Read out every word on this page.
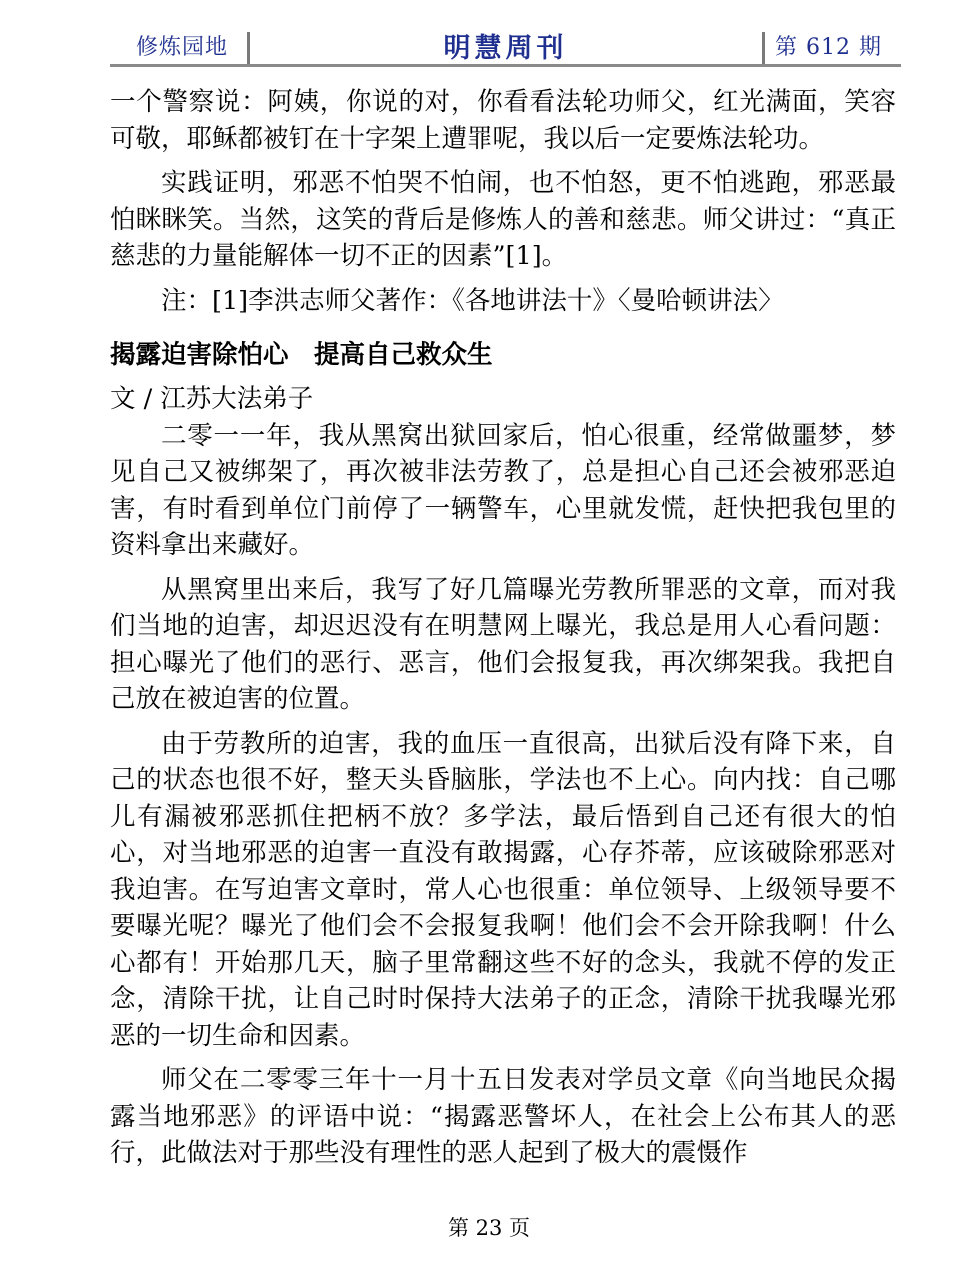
修炼园地	明慧周刊	第 612 期

一个警察说：阿姨，你说的对，你看看法轮功师父，红光满面，笑容可敬，耶稣都被钉在十字架上遭罪呢，我以后一定要炼法轮功。

实践证明，邪恶不怕哭不怕闹，也不怕怒，更不怕逃跑，邪恶最怕眯眯笑。当然，这笑的背后是修炼人的善和慈悲。师父讲过：“真正慈悲的力量能解体一切不正的因素”[1]。

注：[1]李洪志师父著作：《各地讲法十》〈曼哈顿讲法〉

揭露迫害除怕心　提高自己救众生

文 / 江苏大法弟子

二零一一年，我从黑窝出狱回家后，怕心很重，经常做噩梦，梦见自己又被绑架了，再次被非法劳教了，总是担心自己还会被邪恶迫害，有时看到单位门前停了一辆警车，心里就发慌，赶快把我包里的资料拿出来藏好。

从黑窝里出来后，我写了好几篇曝光劳教所罪恶的文章，而对我们当地的迫害，却迟迟没有在明慧网上曝光，我总是用人心看问题：担心曝光了他们的恶行、恶言，他们会报复我，再次绑架我。我把自己放在被迫害的位置。

由于劳教所的迫害，我的血压一直很高，出狱后没有降下来，自己的状态也很不好，整天头昏脑胀，学法也不上心。向内找：自己哪儿有漏被邪恶抓住把柄不放？多学法，最后悟到自己还有很大的怕心，对当地邪恶的迫害一直没有敢揭露，心存芥蒂，应该破除邪恶对我迫害。在写迫害文章时，常人心也很重：单位领导、上级领导要不要曝光呢？曝光了他们会不会报复我啊！他们会不会开除我啊！什么心都有！开始那几天，脑子里常翻这些不好的念头，我就不停的发正念，清除干扰，让自己时时保持大法弟子的正念，清除干扰我曝光邪恶的一切生命和因素。

师父在二零零三年十一月十五日发表对学员文章《向当地民众揭露当地邪恶》的评语中说：“揭露恶警坏人，在社会上公布其人的恶行，此做法对于那些没有理性的恶人起到了极大的震慑作

第 23 页
